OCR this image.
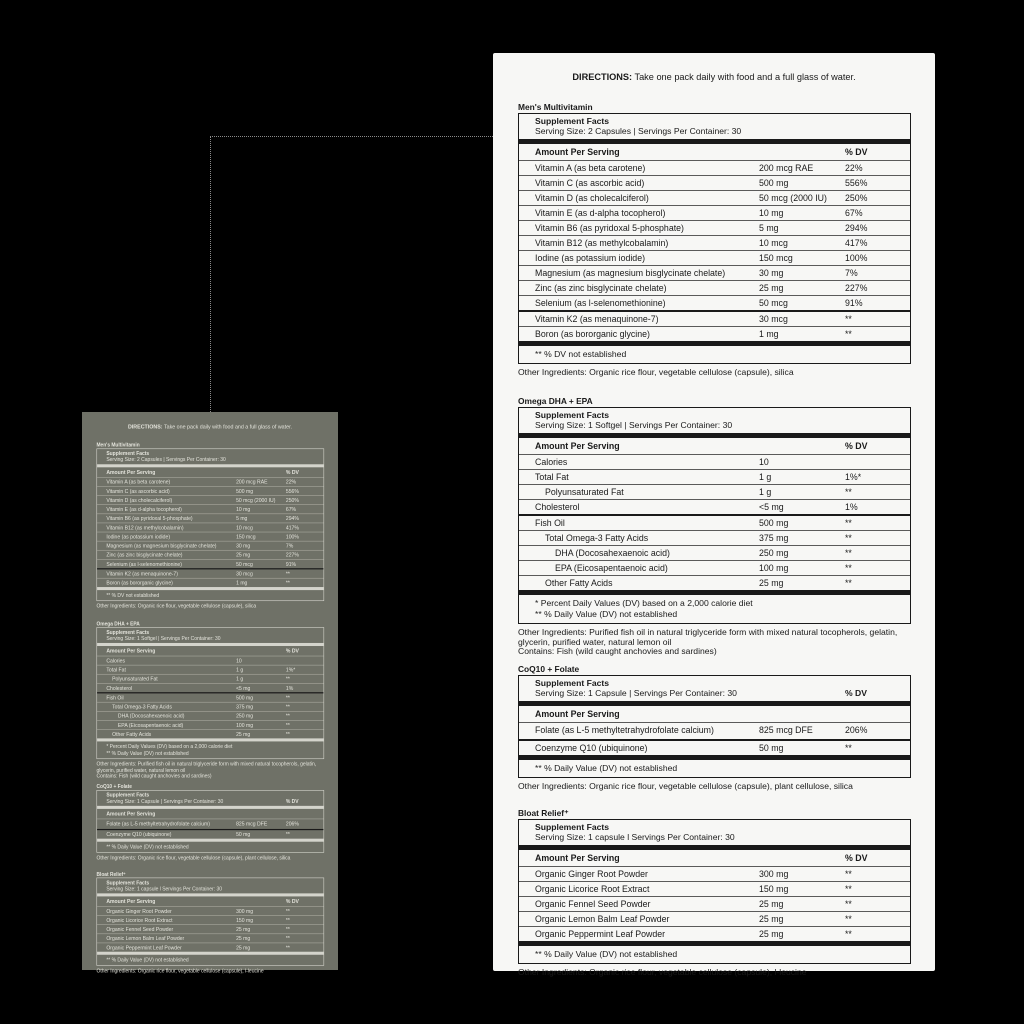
DIRECTIONS: Take one pack daily with food and a full glass of water.
Men's Multivitamin
Supplement Facts
Serving Size: 2 Capsules | Servings Per Container: 30
Amount Per Serving	% DV
Vitamin A (as beta carotene)	200 mcg RAE	22%
Vitamin C (as ascorbic acid)	500 mg	556%
Vitamin D (as cholecalciferol)	50 mcg (2000 IU) 250%
Vitamin E (as d-alpha tocopherol)	10 mg	67%
Vitamin B6 (as pyridoxal 5-phosphate)	5 mg	294%
Vitamin B12 (as methylcobalamin)	10 mcg	417%
Iodine (as potassium iodide)	150 mcg	100%
Magnesium (as magnesium bisglycinate chelate)	30 mg	7%
Zinc (as zinc bisglycinate chelate)	25 mg	227%
Selenium (as l-selenomethionine)	50 mcg	91%
Vitamin K2 (as menaquinone-7)	30 mcg	**
Boron (as bororganic glycine)	1 mg	**
** % DV not established
Other Ingredients: Organic rice flour, vegetable cellulose (capsule), silica
Omega DHA + EPA
Supplement Facts
Serving Size: 1 Softgel | Servings Per Container: 30
Amount Per Serving	% DV
Calories	10
Total Fat	1 g	1%*
Polyunsaturated Fat	1 g	**
Cholesterol	<5 mg	1%
Fish Oil	500 mg	**
Total Omega-3 Fatty Acids	375 mg	**
DHA (Docosahexaenoic acid)	250 mg	**
EPA (Eicosapentaenoic acid)	100 mg	**
Other Fatty Acids	25 mg	**
* Percent Daily Values (DV) based on a 2,000 calorie diet
** % Daily Value (DV) not established
Other Ingredients: Purified fish oil in natural triglyceride form with mixed natural tocopherols, gelatin, glycerin, purified water, natural lemon oil
Contains: Fish (wild caught anchovies and sardines)
CoQ10 + Folate
Supplement Facts
Serving Size: 1 Capsule | Servings Per Container: 30	% DV
Amount Per Serving
Folate (as L-5 methyltetrahydrofolate calcium)	825 mcg DFE	206%
Coenzyme Q10 (ubiquinone)	50 mg	**
** % Daily Value (DV) not established
Other Ingredients: Organic rice flour, vegetable cellulose (capsule), plant cellulose, silica
Bloat Relief⁺
Supplement Facts
Serving Size: 1 capsule l Servings Per Container: 30
Amount Per Serving	% DV
Organic Ginger Root Powder	300 mg	**
Organic Licorice Root Extract	150 mg	**
Organic Fennel Seed Powder	25 mg	**
Organic Lemon Balm Leaf Powder	25 mg	**
Organic Peppermint Leaf Powder	25 mg	**
** % Daily Value (DV) not established
Other Ingredients: Organic rice flour, vegetable cellulose (capsule), l-leucine
DIRECTIONS: Take one pack daily with food and a full glass of water.
Men's Multivitamin
Supplement Facts
Serving Size: 2 Capsules | Servings Per Container: 30
Amount Per Serving	% DV
Vitamin A (as beta carotene)	200 mcg RAE 22%
Vitamin C (as ascorbic acid)	500 mg	556%
Vitamin D (as cholecalciferol)	50 mcg (2000 IU) 250%
Vitamin E (as d-alpha tocopherol)	10 mg	67%
Vitamin B6 (as pyridoxal 5-phosphate)	5 mg	294%
Vitamin B12 (as methylcobalamin)	10 mcg	417%
Iodine (as potassium iodide)	150 mcg	100%
Magnesium (as magnesium bisglycinate chelate) 30 mg	7%
Zinc (as zinc bisglycinate chelate)	25 mg	227%
Selenium (as l-selenomethionine)	50 mcg	91%
Vitamin K2 (as menaquinone-7)	30 mcg	**
Boron (as bororganic glycine)	1 mg	**
** % DV not established
Other Ingredients: Organic rice flour, vegetable cellulose (capsule), silica
Omega DHA + EPA
Supplement Facts
Serving Size: 1 Softgel | Servings Per Container: 30
Amount Per Serving	% DV
Calories	10
Total Fat	1 g	1%*
Polyunsaturated Fat	1 g	**
Cholesterol	<5 mg	1%
Fish Oil	500 mg	**
Total Omega-3 Fatty Acids	375 mg	**
DHA (Docosahexaenoic acid)	250 mg	**
EPA (Eicosapentaenoic acid)	100 mg	**
Other Fatty Acids	25 mg	**
* Percent Daily Values (DV) based on a 2,000 calorie diet
** % Daily Value (DV) not established
Other Ingredients: Purified fish oil in natural triglyceride form with mixed natural tocopherols, gelatin, glycerin, purified water, natural lemon oil
Contains: Fish (wild caught anchovies and sardines)
CoQ10 + Folate
Supplement Facts
Serving Size: 1 Capsule | Servings Per Container: 30	% DV
Amount Per Serving
Folate (as L-5 methyltetrahydrofolate calcium)	825 mcg DFE 206%
Coenzyme Q10 (ubiquinone)	50 mg	**
** % Daily Value (DV) not established
Other Ingredients: Organic rice flour, vegetable cellulose (capsule), plant cellulose, silica
Bloat Relief⁺
Supplement Facts
Serving Size: 1 capsule l Servings Per Container: 30
Amount Per Serving	% DV
Organic Ginger Root Powder	300 mg	**
Organic Licorice Root Extract	150 mg	**
Organic Fennel Seed Powder	25 mg	**
Organic Lemon Balm Leaf Powder	25 mg	**
Organic Peppermint Leaf Powder	25 mg	**
** % Daily Value (DV) not established
Other Ingredients: Organic rice flour, vegetable cellulose (capsule), l-leucine
